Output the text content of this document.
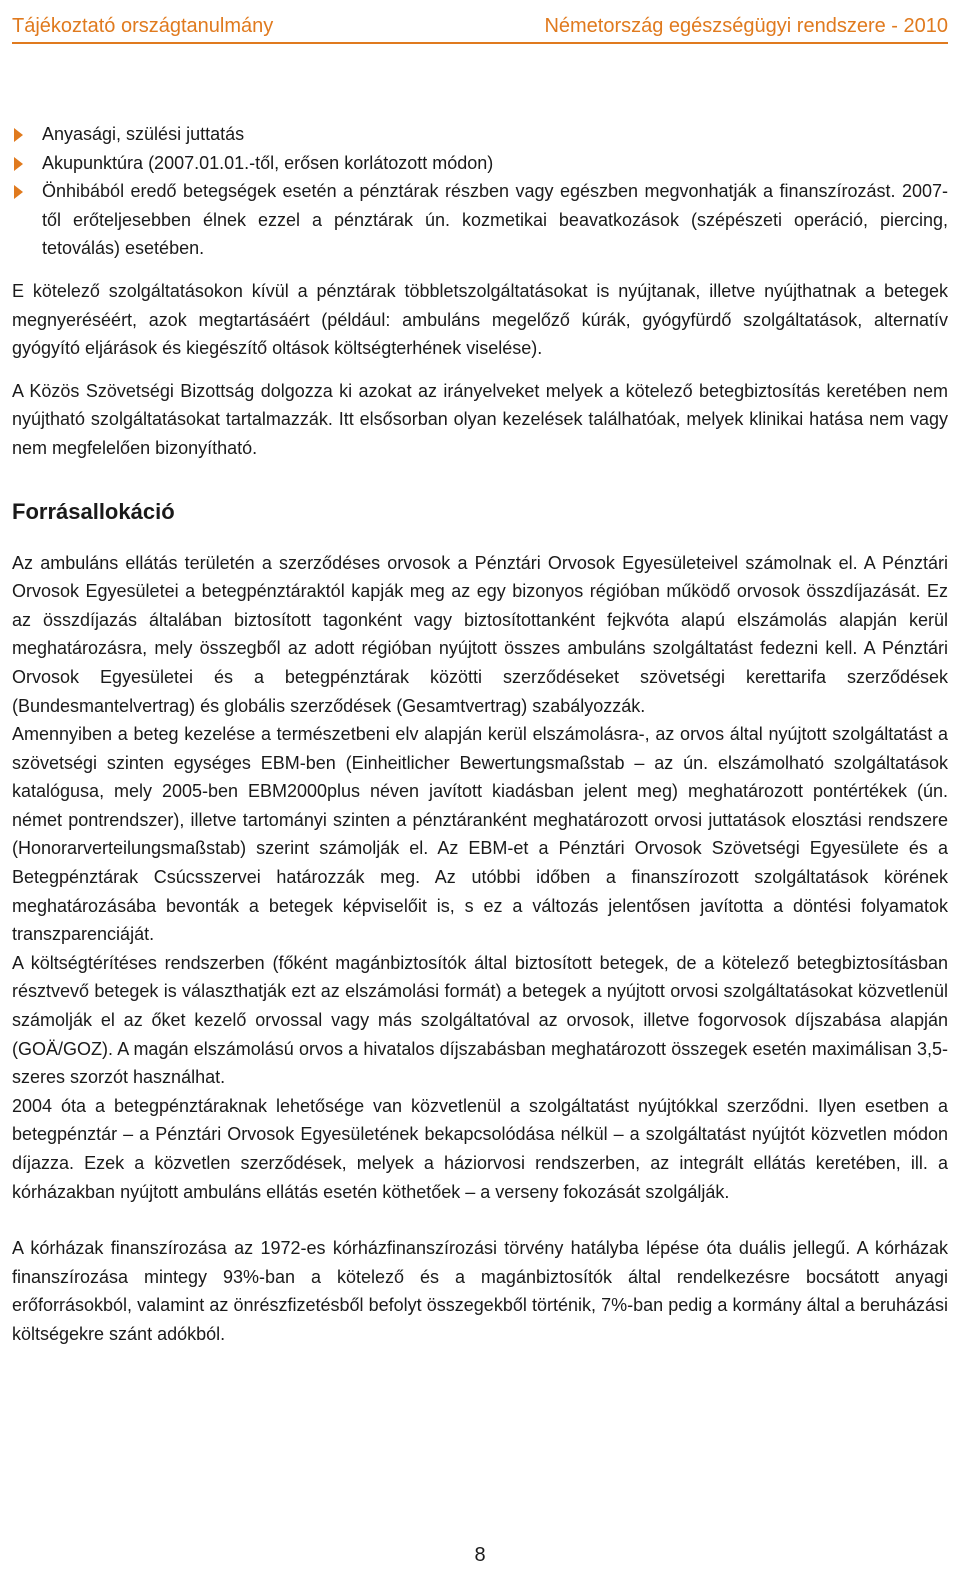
Tájékoztató országtanulmány	Németország egészségügyi rendszere - 2010
Anyasági, szülési juttatás
Akupunktúra (2007.01.01.-től, erősen korlátozott módon)
Önhibából eredő betegségek esetén a pénztárak részben vagy egészben megvonhatják a finanszírozást. 2007-től erőteljesebben élnek ezzel a pénztárak ún. kozmetikai beavatkozások (szépészeti operáció, piercing, tetoválás) esetében.

E kötelező szolgáltatásokon kívül a pénztárak többletszolgáltatásokat is nyújtanak, illetve nyújthatnak a betegek megnyeréséért, azok megtartásáért (például: ambuláns megelőző kúrák, gyógyfürdő szolgáltatások, alternatív gyógyító eljárások és kiegészítő oltások költségterhének viselése).

A Közös Szövetségi Bizottság dolgozza ki azokat az irányelveket melyek a kötelező betegbiztosítás keretében nem nyújtható szolgáltatásokat tartalmazzák. Itt elsősorban olyan kezelések találhatóak, melyek klinikai hatása nem vagy nem megfelelően bizonyítható.

Forrásallokáció

Az ambuláns ellátás területén a szerződéses orvosok a Pénztári Orvosok Egyesületeivel számolnak el. A Pénztári Orvosok Egyesületei a betegpénztáraktól kapják meg az egy bizonyos régióban működő orvosok összdíjazását. Ez az összdíjazás általában biztosított tagonként vagy biztosítottanként fejkvóta alapú elszámolás alapján kerül meghatározásra, mely összegből az adott régióban nyújtott összes ambuláns szolgáltatást fedezni kell. A Pénztári Orvosok Egyesületei és a betegpénztárak közötti szerződéseket szövetségi kerettarifa szerződések (Bundesmantelvertrag) és globális szerződések (Gesamtvertrag) szabályozzák.

Amennyiben a beteg kezelése a természetbeni elv alapján kerül elszámolásra-, az orvos által nyújtott szolgáltatást a szövetségi szinten egységes EBM-ben (Einheitlicher Bewertungsmaßstab – az ún. elszámolható szolgáltatások katalógusa, mely 2005-ben EBM2000plus néven javított kiadásban jelent meg) meghatározott pontértékek (ún. német pontrendszer), illetve tartományi szinten a pénztáranként meghatározott orvosi juttatások elosztási rendszere (Honorarverteilungsmaßstab) szerint számolják el. Az EBM-et a Pénztári Orvosok Szövetségi Egyesülete és a Betegpénztárak Csúcsszervei határozzák meg. Az utóbbi időben a finanszírozott szolgáltatások körének meghatározásába bevonták a betegek képviselőit is, s ez a változás jelentősen javította a döntési folyamatok transzparenciáját.

A költségtérítéses rendszerben (főként magánbiztosítók által biztosított betegek, de a kötelező betegbiztosításban résztvevő betegek is választhatják ezt az elszámolási formát) a betegek a nyújtott orvosi szolgáltatásokat közvetlenül számolják el az őket kezelő orvossal vagy más szolgáltatóval az orvosok, illetve fogorvosok díjszabása alapján (GOÄ/GOZ). A magán elszámolású orvos a hivatalos díjszabásban meghatározott összegek esetén maximálisan 3,5-szeres szorzót használhat.

2004 óta a betegpénztáraknak lehetősége van közvetlenül a szolgáltatást nyújtókkal szerződni. Ilyen esetben a betegpénztár – a Pénztári Orvosok Egyesületének bekapcsolódása nélkül – a szolgáltatást nyújtót közvetlen módon díjazza. Ezek a közvetlen szerződések, melyek a háziorvosi rendszerben, az integrált ellátás keretében, ill. a kórházakban nyújtott ambuláns ellátás esetén köthetőek – a verseny fokozását szolgálják.

A kórházak finanszírozása az 1972-es kórházfinanszírozási törvény hatályba lépése óta duális jellegű. A kórházak finanszírozása mintegy 93%-ban a kötelező és a magánbiztosítók által rendelkezésre bocsátott anyagi erőforrásokból, valamint az önrészfizetésből befolyt összegekből történik, 7%-ban pedig a kormány által a beruházási költségekre szánt adókból.

8
